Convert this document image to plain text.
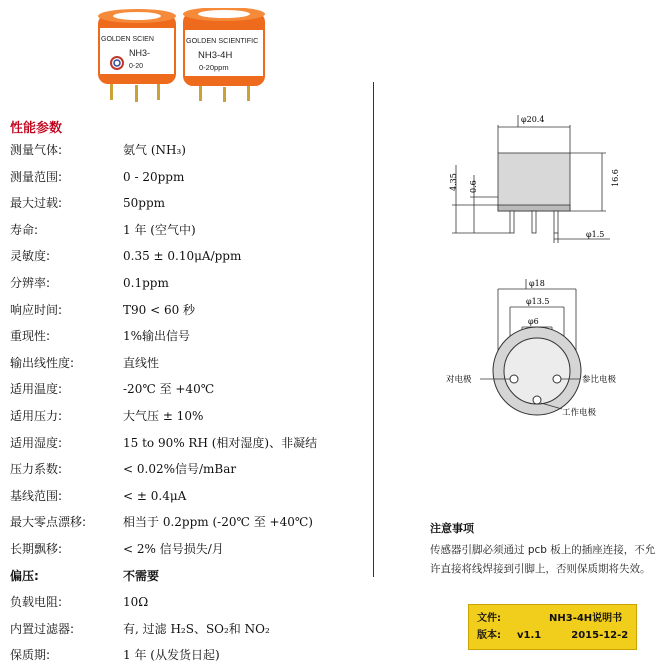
GOLDEN SCIEN
NH3-
0-20
GOLDEN SCIENTIFIC
NH3-4H
0-20ppm
性能参数
测量气体:	氨气 (NH₃)
测量范围:	0 - 20ppm
最大过载:	50ppm
寿命:	1 年 (空气中)
灵敏度:	0.35 ± 0.10μA/ppm
分辨率:	0.1ppm
响应时间:	T90 < 60 秒
重现性:	1%输出信号
输出线性度:	直线性
适用温度:	-20℃ 至 +40℃
适用压力:	大气压 ± 10%
适用湿度:	15 to 90% RH (相对湿度)、非凝结
压力系数:	< 0.02%信号/mBar
基线范围:	< ± 0.4μA
最大零点漂移:	相当于 0.2ppm (-20℃ 至 +40℃)
长期飘移:	< 2% 信号损失/月
偏压:	不需要
负载电阻:	10Ω
内置过滤器:	有, 过滤 H₂S、SO₂和 NO₂
保质期:	1 年 (从发货日起)
φ20.4
4.35 0.6	16.6
φ1.5
φ18
φ13.5
φ6
对电极	参比电极
工作电极
注意事项
传感器引脚必须通过 pcb 板上的插座连接，不允许直接将线焊接到引脚上，否则保质期将失效。
文件:	NH3-4H说明书
版本: v1.1	2015-12-2
